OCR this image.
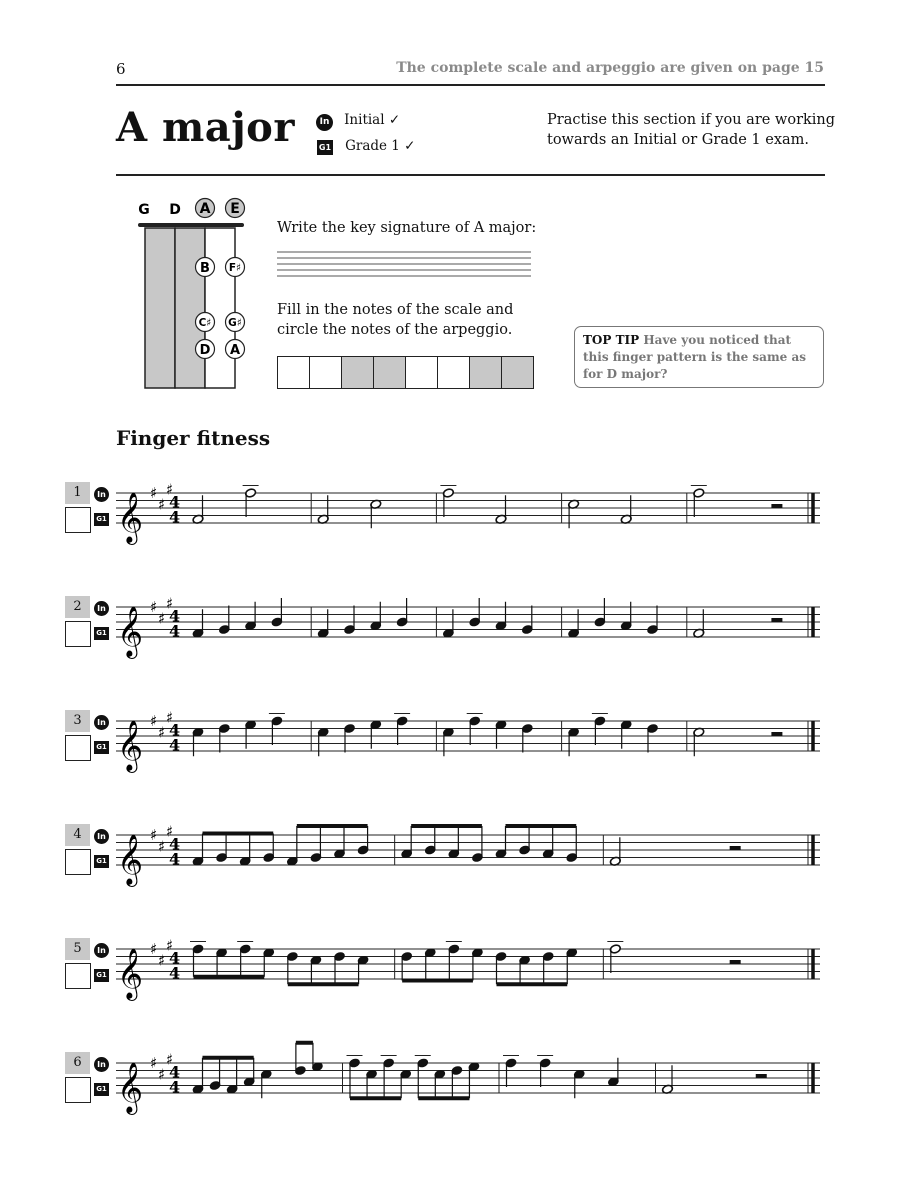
6	The complete scale and arpeggio are given on page 15
A major	In Initial ✓
G1 Grade 1 ✓
Practise this section if you are working towards an Initial or Grade 1 exam.
G D A E
B
C♯
D
F♯
G♯
A
Write the key signature of A major:
Fill in the notes of the scale and circle the notes of the arpeggio.
TOP TIP Have you noticed that this finger pattern is the same as for D major?
Finger fitness
1	In
G1 𝄞 ♯
♯
♯
4
4
2	In
G1 𝄞 ♯
♯
♯
4
4
3	In
G1 𝄞 ♯
♯
♯
4
4
4	In
G1 𝄞 ♯
♯
♯
4
4
5	In
G1 𝄞 ♯
♯
♯
4
4
6	In
G1 𝄞 ♯
♯
♯
4
4
